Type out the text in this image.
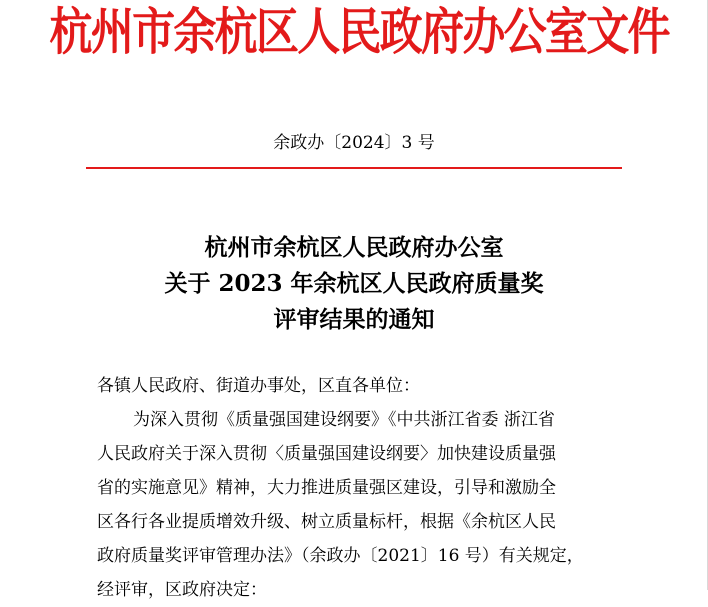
杭州市余杭区人民政府办公室文件
余政办〔2024〕3 号
杭州市余杭区人民政府办公室
关于 2023 年余杭区人民政府质量奖
评审结果的通知
各镇人民政府、街道办事处，区直各单位：
为深入贯彻《质量强国建设纲要》《中共浙江省委 浙江省
人民政府关于深入贯彻〈质量强国建设纲要〉加快建设质量强
省的实施意见》精神，大力推进质量强区建设，引导和激励全
区各行各业提质增效升级、树立质量标杆，根据《余杭区人民
政府质量奖评审管理办法》（余政办〔2021〕16 号）有关规定，
经评审，区政府决定：
